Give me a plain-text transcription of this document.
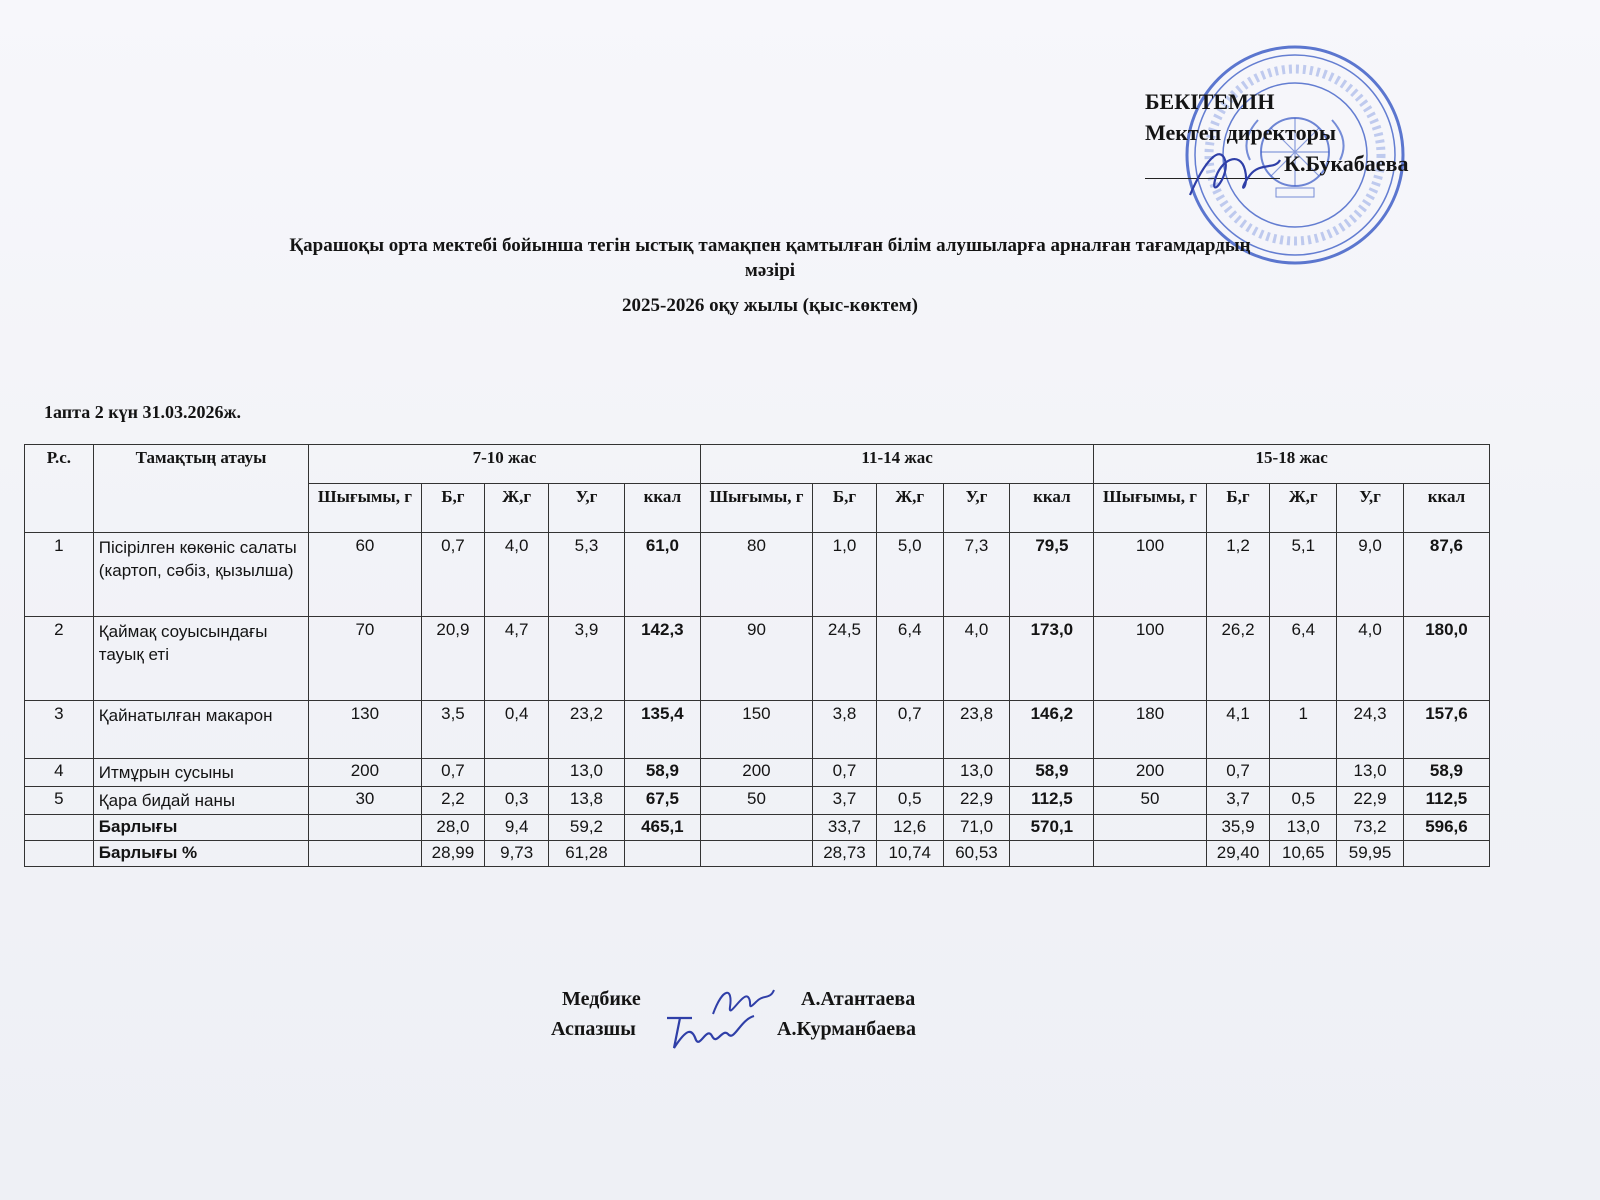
БЕКІТЕМІН
Мектеп директоры
К.Букабаева
Қарашоқы орта мектебі бойынша тегін ыстық тамақпен қамтылған білім алушыларға арналған тағамдардың
мәзірі
2025-2026 оқу жылы (қыс-көктем)
1апта 2 күн 31.03.2026ж.
Р.с.	Тамақтың атауы	7-10 жас					11-14 жас					15-18 жас				
		Шығымы, г	Б,г	Ж,г	У,г	ккал	Шығымы, г	Б,г	Ж,г	У,г	ккал	Шығымы, г	Б,г	Ж,г	У,г	ккал
1	Пісірілген көкөніс салаты (картоп, сәбіз, қызылша)	60	0,7	4,0	5,3	61,0	80	1,0	5,0	7,3	79,5	100	1,2	5,1	9,0	87,6
2	Қаймақ соуысындағы тауық еті	70	20,9	4,7	3,9	142,3	90	24,5	6,4	4,0	173,0	100	26,2	6,4	4,0	180,0
3	Қайнатылған макарон	130	3,5	0,4	23,2	135,4	150	3,8	0,7	23,8	146,2	180	4,1	1	24,3	157,6
4	Итмұрын сусыны	200	0,7		13,0	58,9	200	0,7		13,0	58,9	200	0,7		13,0	58,9
5	Қара бидай наны	30	2,2	0,3	13,8	67,5	50	3,7	0,5	22,9	112,5	50	3,7	0,5	22,9	112,5
	Барлығы		28,0	9,4	59,2	465,1		33,7	12,6	71,0	570,1		35,9	13,0	73,2	596,6
	Барлығы %		28,99	9,73	61,28			28,73	10,74	60,53			29,40	10,65	59,95	
Медбике	А.Атантаева
Аспазшы	А.Курманбаева
